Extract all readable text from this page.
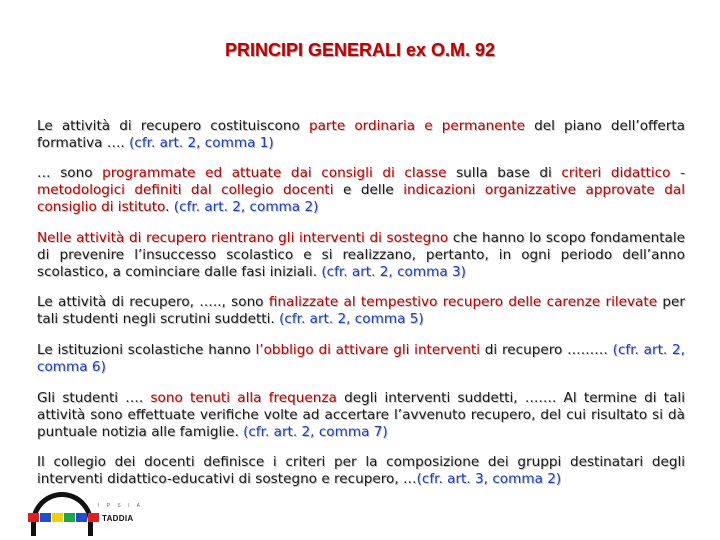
PRINCIPI GENERALI ex O.M. 92

Le attività di recupero costituiscono parte ordinaria e permanente del piano dell’offerta formativa …. (cfr. art. 2, comma 1)

… sono programmate ed attuate dai consigli di classe sulla base di criteri didattico -metodologici definiti dal collegio docenti e delle indicazioni organizzative approvate dal consiglio di istituto. (cfr. art. 2, comma 2)

Nelle attività di recupero rientrano gli interventi di sostegno che hanno lo scopo fondamentale di prevenire l’insuccesso scolastico e si realizzano, pertanto, in ogni periodo dell’anno scolastico, a cominciare dalle fasi iniziali. (cfr. art. 2, comma 3)

Le attività di recupero, ….., sono finalizzate al tempestivo recupero delle carenze rilevate per tali studenti negli scrutini suddetti. (cfr. art. 2, comma 5)

Le istituzioni scolastiche hanno l’obbligo di attivare gli interventi di recupero ……… (cfr. art. 2, comma 6)

Gli studenti …. sono tenuti alla frequenza degli interventi suddetti, ……. Al termine di tali attività sono effettuate verifiche volte ad accertare l’avvenuto recupero, del cui risultato si dà puntuale notizia alle famiglie. (cfr. art. 2, comma 7)

Il collegio dei docenti definisce i criteri per la composizione dei gruppi destinatari degli interventi didattico-educativi di sostegno e recupero, …(cfr. art. 3, comma 2)

I P S I A
TADDIA
